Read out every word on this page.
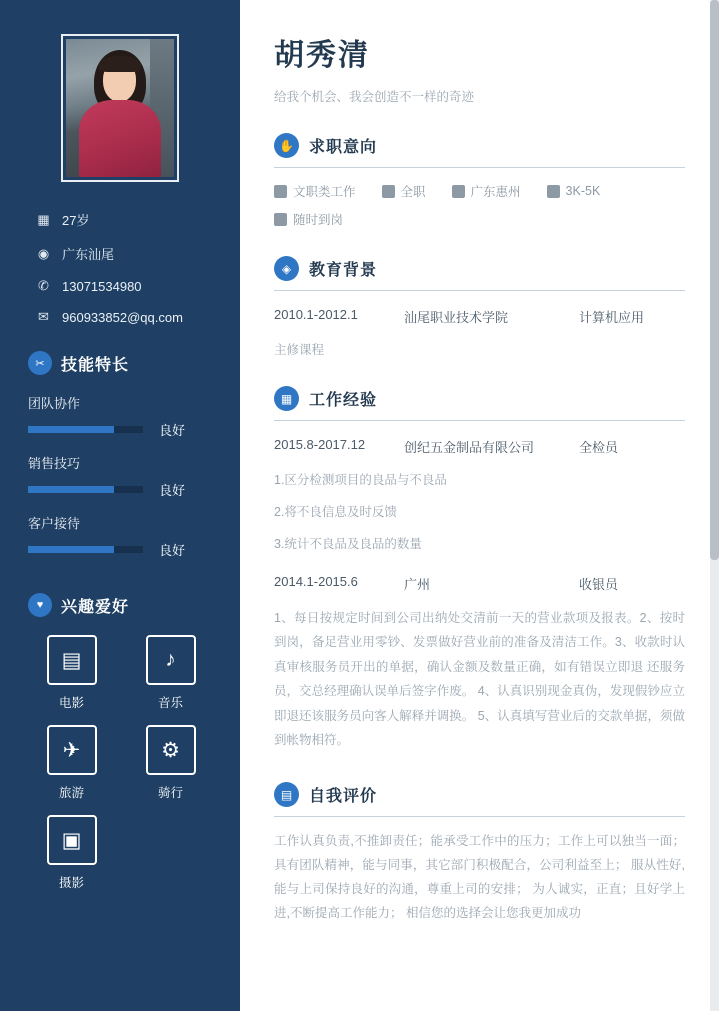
▦ 27岁
◉ 广东汕尾
✆ 13071534980
✉ 960933852@qq.com
✂	技能特长
团队协作
良好
销售技巧
良好
客户接待
良好
♥	兴趣爱好
▤
电影
♪
音乐
✈
旅游
⚙
骑行
▣
摄影
胡秀清
给我个机会、我会创造不一样的奇迹
✋ 求职意向
文职类工作	全职	广东惠州	3K-5K
随时到岗
◈	教育背景
2010.1-2012.1	汕尾职业技术学院	计算机应用
主修课程
▦	工作经验
2015.8-2017.12	创纪五金制品有限公司	全检员
1.区分检测项目的良品与不良品
2.将不良信息及时反馈
3.统计不良品及良品的数量
2014.1-2015.6	广州	收银员
1、每日按规定时间到公司出纳处交清前一天的营业款项及报表。2、按时到岗，备足营业用零钞、发票做好营业前的准备及清洁工作。3、收款时认真审核服务员开出的单据，确认金额及数量正确，如有错误立即退 还服务员，交总经理确认误单后签字作废。 4、认真识别现金真伪，发现假钞应立即退还该服务员向客人解释并调换。 5、认真填写营业后的交款单据，须做到帐物相符。
▤	自我评价
工作认真负责,不推卸责任；能承受工作中的压力；工作上可以独当一面； 具有团队精神，能与同事，其它部门积极配合，公司利益至上； 服从性好,能与上司保持良好的沟通，尊重上司的安排； 为人诚实，正直；且好学上进,不断提高工作能力； 相信您的选择会让您我更加成功
